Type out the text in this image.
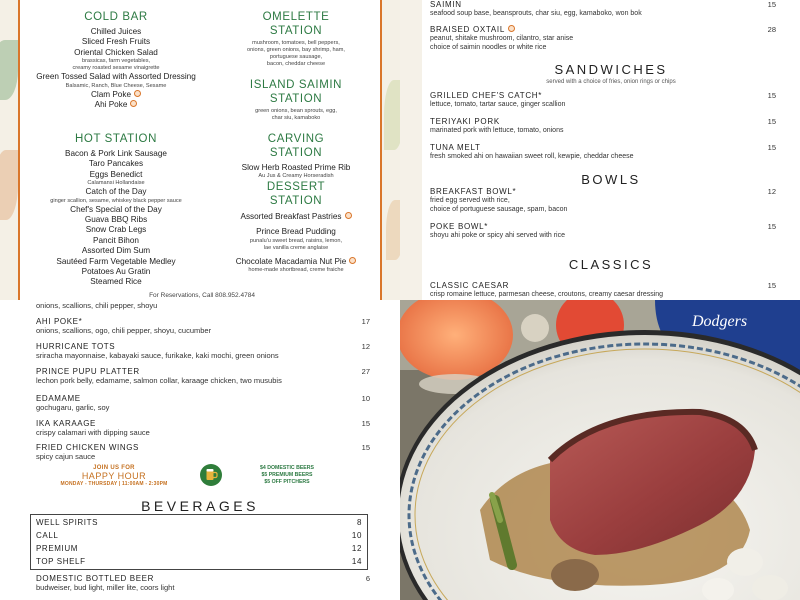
COLD BAR
Chilled Juices
Sliced Fresh Fruits
Oriental Chicken Salad
brassicas, farm vegetables,
creamy roasted sesame vinaigrette
Green Tossed Salad with Assorted Dressing
Balsamic, Ranch, Blue Cheese, Sesame
Clam Poke
Ahi Poke
HOT STATION
Bacon & Pork Link Sausage
Taro Pancakes
Eggs Benedict
Calamansi Hollandaise
Catch of the Day
ginger scallion, sesame, whiskey black pepper sauce
Chef's Special of the Day
Guava BBQ Ribs
Snow Crab Legs
Pancit Bihon
Assorted Dim Sum
Sautéed Farm Vegetable Medley
Potatoes Au Gratin
Steamed Rice
OMELETTE
STATION
mushroom, tomatoes, bell peppers,
onions, green onions, bay shrimp, ham,
portuguese sausage,
bacon, cheddar cheese
ISLAND SAIMIN
STATION
green onions, bean sprouts, egg,
char siu, kamaboko
CARVING
STATION
Slow Herb Roasted Prime Rib
Au Jus & Creamy Horseradish
DESSERT
STATION
Assorted Breakfast Pastries
Prince Bread Pudding
punalu'u sweet bread, raisins, lemon,
lae vanilla creme anglaise
Chocolate Macadamia Nut Pie
home-made shortbread, creme fraiche
For Reservations, Call 808.952.4784
SAIMIN
seafood soup base, beansprouts, char siu, egg, kamaboko, won bok
15
BRAISED OXTAIL
peanut, shitake mushroom, cilantro, star anise
choice of saimin noodles or white rice
28
SANDWICHES
served with a choice of fries, onion rings or chips
GRILLED CHEF'S CATCH*
lettuce, tomato, tartar sauce, ginger scallion
15
TERIYAKI PORK
marinated pork with lettuce, tomato, onions
15
TUNA MELT
fresh smoked ahi on hawaiian sweet roll, kewpie, cheddar cheese
15
BOWLS
BREAKFAST BOWL*
fried egg served with rice,
choice of portuguese sausage, spam, bacon
12
POKE BOWL*
shoyu ahi poke or spicy ahi served with rice
15
CLASSICS
CLASSIC CAESAR
crisp romaine lettuce, parmesan cheese, croutons, creamy caesar dressing
15
onions, scallions, chili pepper, shoyu
AHI POKE*
onions, scallions, ogo, chili pepper, shoyu, cucumber
17
HURRICANE TOTS
sriracha mayonnaise, kabayaki sauce, furikake, kaki mochi, green onions
12
PRINCE PUPU PLATTER
lechon pork belly, edamame, salmon collar, karaage chicken, two musubis
27
EDAMAME
gochugaru, garlic, soy
10
IKA KARAAGE
crispy calamari with dipping sauce
15
FRIED CHICKEN WINGS
spicy cajun sauce
15
JOIN US FOR
HAPPY HOUR
MONDAY - THURSDAY | 11:00AM - 2:30PM
$4 DOMESTIC BEERS
$5 PREMIUM BEERS
$5 OFF PITCHERS
BEVERAGES
WELL SPIRITS	8
CALL	10
PREMIUM	12
TOP SHELF	14
DOMESTIC BOTTLED BEER
budweiser, bud light, miller lite, coors light
6
Dodgers
